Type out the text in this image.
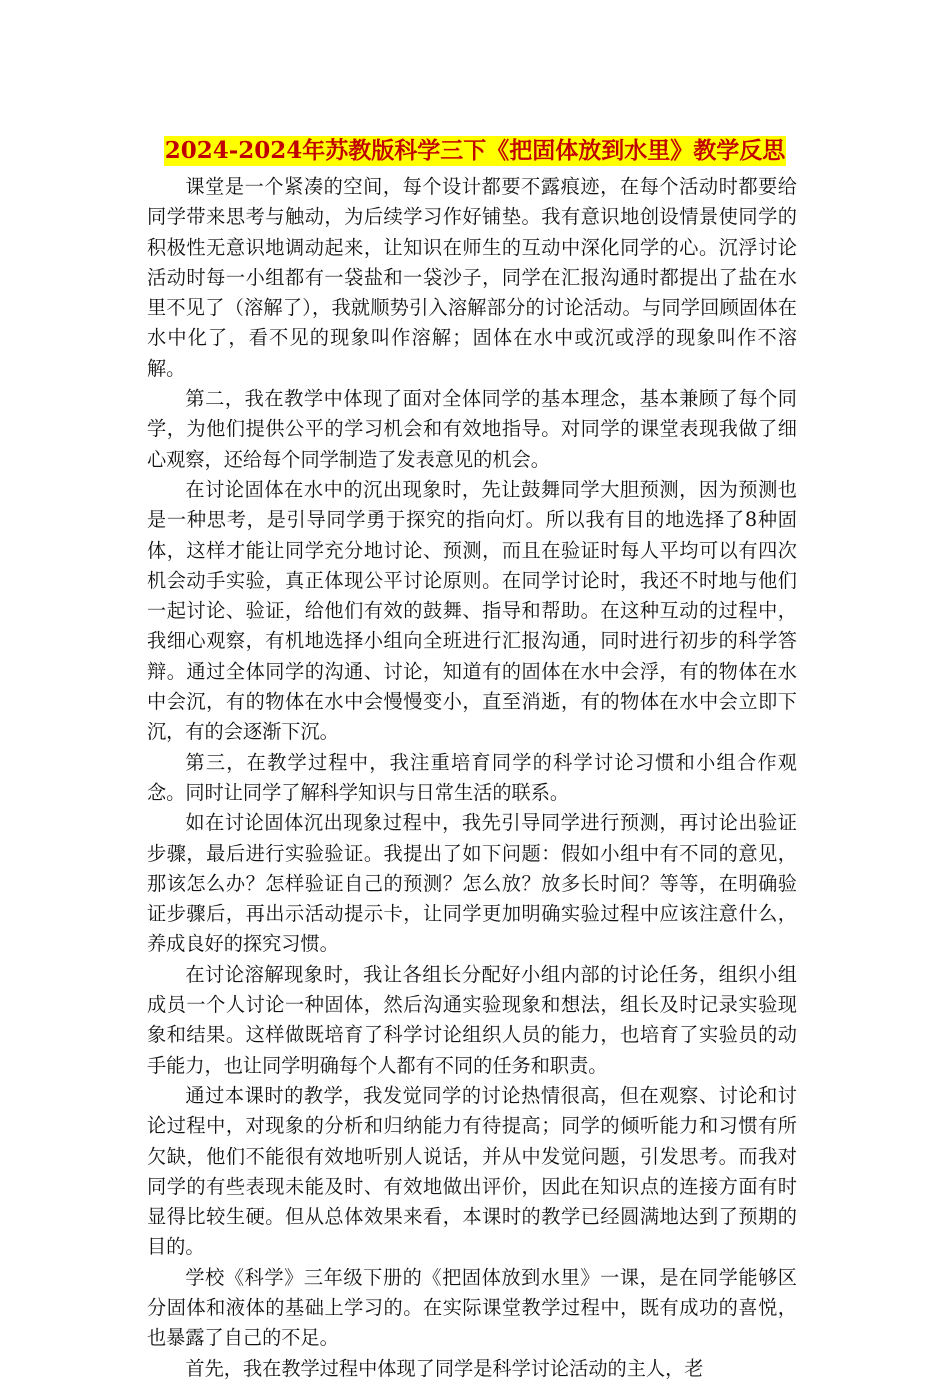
2024-2024年苏教版科学三下《把固体放到水里》教学反思

课堂是一个紧凑的空间，每个设计都要不露痕迹，在每个活动时都要给同学带来思考与触动，为后续学习作好铺垫。我有意识地创设情景使同学的积极性无意识地调动起来，让知识在师生的互动中深化同学的心。沉浮讨论活动时每一小组都有一袋盐和一袋沙子，同学在汇报沟通时都提出了盐在水里不见了（溶解了），我就顺势引入溶解部分的讨论活动。与同学回顾固体在水中化了，看不见的现象叫作溶解；固体在水中或沉或浮的现象叫作不溶解。

第二，我在教学中体现了面对全体同学的基本理念，基本兼顾了每个同学，为他们提供公平的学习机会和有效地指导。对同学的课堂表现我做了细心观察，还给每个同学制造了发表意见的机会。

在讨论固体在水中的沉出现象时，先让鼓舞同学大胆预测，因为预测也是一种思考，是引导同学勇于探究的指向灯。所以我有目的地选择了8种固体，这样才能让同学充分地讨论、预测，而且在验证时每人平均可以有四次机会动手实验，真正体现公平讨论原则。在同学讨论时，我还不时地与他们一起讨论、验证，给他们有效的鼓舞、指导和帮助。在这种互动的过程中，我细心观察，有机地选择小组向全班进行汇报沟通，同时进行初步的科学答辩。通过全体同学的沟通、讨论，知道有的固体在水中会浮，有的物体在水中会沉，有的物体在水中会慢慢变小，直至消逝，有的物体在水中会立即下沉，有的会逐渐下沉。

第三，在教学过程中，我注重培育同学的科学讨论习惯和小组合作观念。同时让同学了解科学知识与日常生活的联系。

如在讨论固体沉出现象过程中，我先引导同学进行预测，再讨论出验证步骤，最后进行实验验证。我提出了如下问题：假如小组中有不同的意见，那该怎么办？怎样验证自己的预测？怎么放？放多长时间？等等，在明确验证步骤后，再出示活动提示卡，让同学更加明确实验过程中应该注意什么，养成良好的探究习惯。

在讨论溶解现象时，我让各组长分配好小组内部的讨论任务，组织小组成员一个人讨论一种固体，然后沟通实验现象和想法，组长及时记录实验现象和结果。这样做既培育了科学讨论组织人员的能力，也培育了实验员的动手能力，也让同学明确每个人都有不同的任务和职责。

通过本课时的教学，我发觉同学的讨论热情很高，但在观察、讨论和讨论过程中，对现象的分析和归纳能力有待提高；同学的倾听能力和习惯有所欠缺，他们不能很有效地听别人说话，并从中发觉问题，引发思考。而我对同学的有些表现未能及时、有效地做出评价，因此在知识点的连接方面有时显得比较生硬。但从总体效果来看，本课时的教学已经圆满地达到了预期的目的。

学校《科学》三年级下册的《把固体放到水里》一课，是在同学能够区分固体和液体的基础上学习的。在实际课堂教学过程中，既有成功的喜悦，也暴露了自己的不足。

首先，我在教学过程中体现了同学是科学讨论活动的主人，老
